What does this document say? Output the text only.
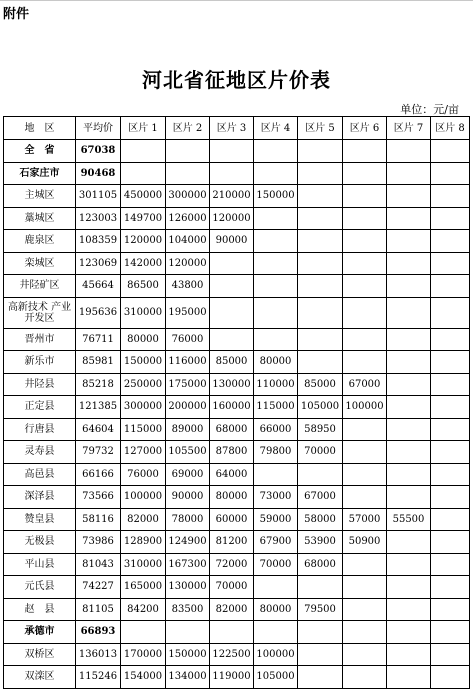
附件
河北省征地区片价表
单位：元/亩
地　区	平均价	区片 1	区片 2	区片 3	区片 4	区片 5	区片 6	区片 7	区片 8
全　省	67038								
石家庄市	90468								
主城区	301105	450000	300000	210000	150000				
藁城区	123003	149700	126000	120000					
鹿泉区	108359	120000	104000	90000					
栾城区	123069	142000	120000						
井陉矿区	45664	86500	43800						
高新技术 产业开发区	195636	310000	195000						
晋州市	76711	80000	76000						
新乐市	85981	150000	116000	85000	80000				
井陉县	85218	250000	175000	130000	110000	85000	67000		
正定县	121385	300000	200000	160000	115000	105000	100000		
行唐县	64604	115000	89000	68000	66000	58950			
灵寿县	79732	127000	105500	87800	79800	70000			
高邑县	66166	76000	69000	64000					
深泽县	73566	100000	90000	80000	73000	67000			
赞皇县	58116	82000	78000	60000	59000	58000	57000	55500	
无极县	73986	128900	124900	81200	67900	53900	50900		
平山县	81043	310000	167300	72000	70000	68000			
元氏县	74227	165000	130000	70000					
赵　县	81105	84200	83500	82000	80000	79500			
承德市	66893								
双桥区	136013	170000	150000	122500	100000				
双滦区	115246	154000	134000	119000	105000				
